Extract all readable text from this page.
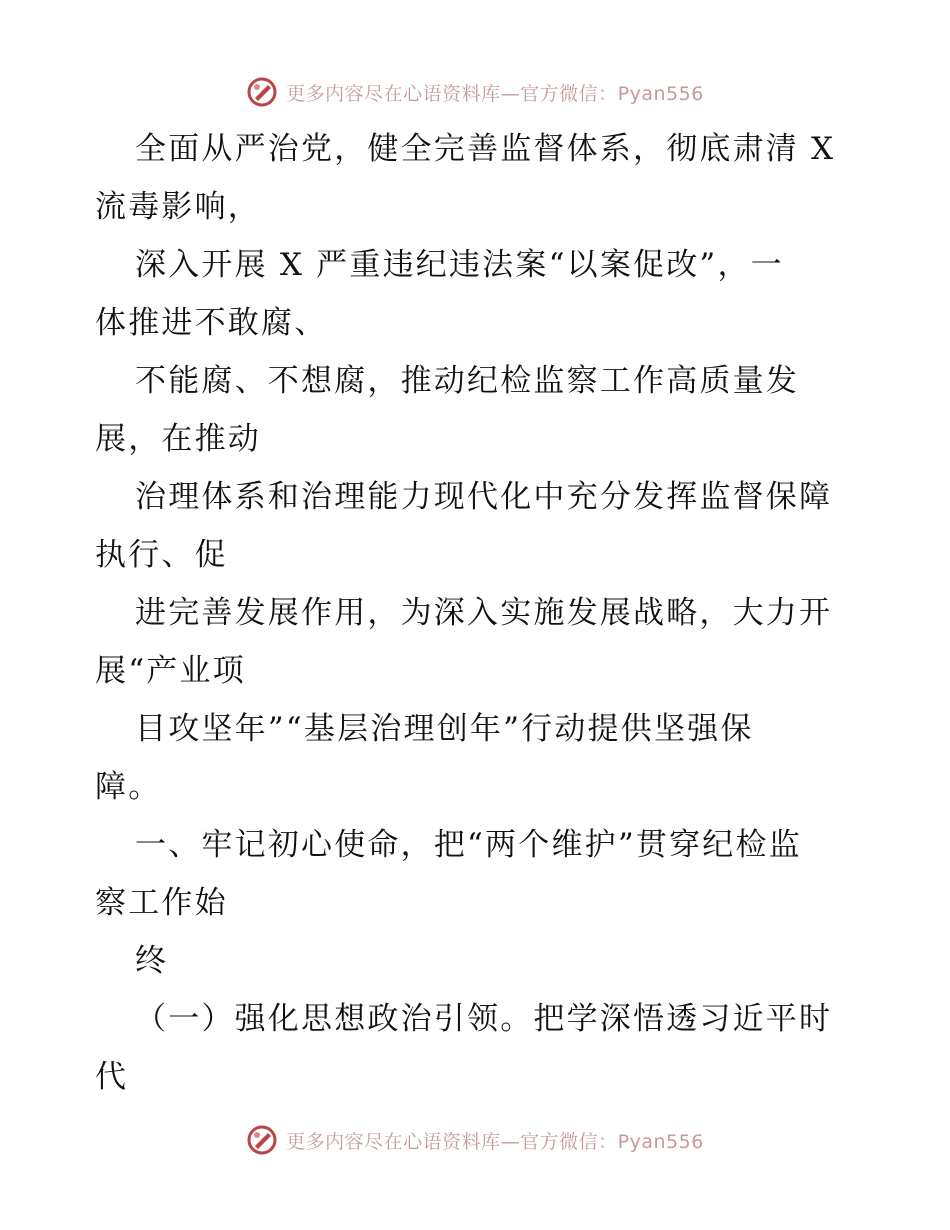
更多内容尽在心语资料库—官方微信：Pyan556
全面从严治党，健全完善监督体系，彻底肃清 X
流毒影响，
深入开展 X 严重违纪违法案“以案促改”，一
体推进不敢腐、
不能腐、不想腐，推动纪检监察工作高质量发
展，在推动
治理体系和治理能力现代化中充分发挥监督保障
执行、促
进完善发展作用，为深入实施发展战略，大力开
展“产业项
目攻坚年”“基层治理创年”行动提供坚强保
障。
一、牢记初心使命，把“两个维护”贯穿纪检监
察工作始
终
（一）强化思想政治引领。把学深悟透习近平时
代
更多内容尽在心语资料库—官方微信：Pyan556
